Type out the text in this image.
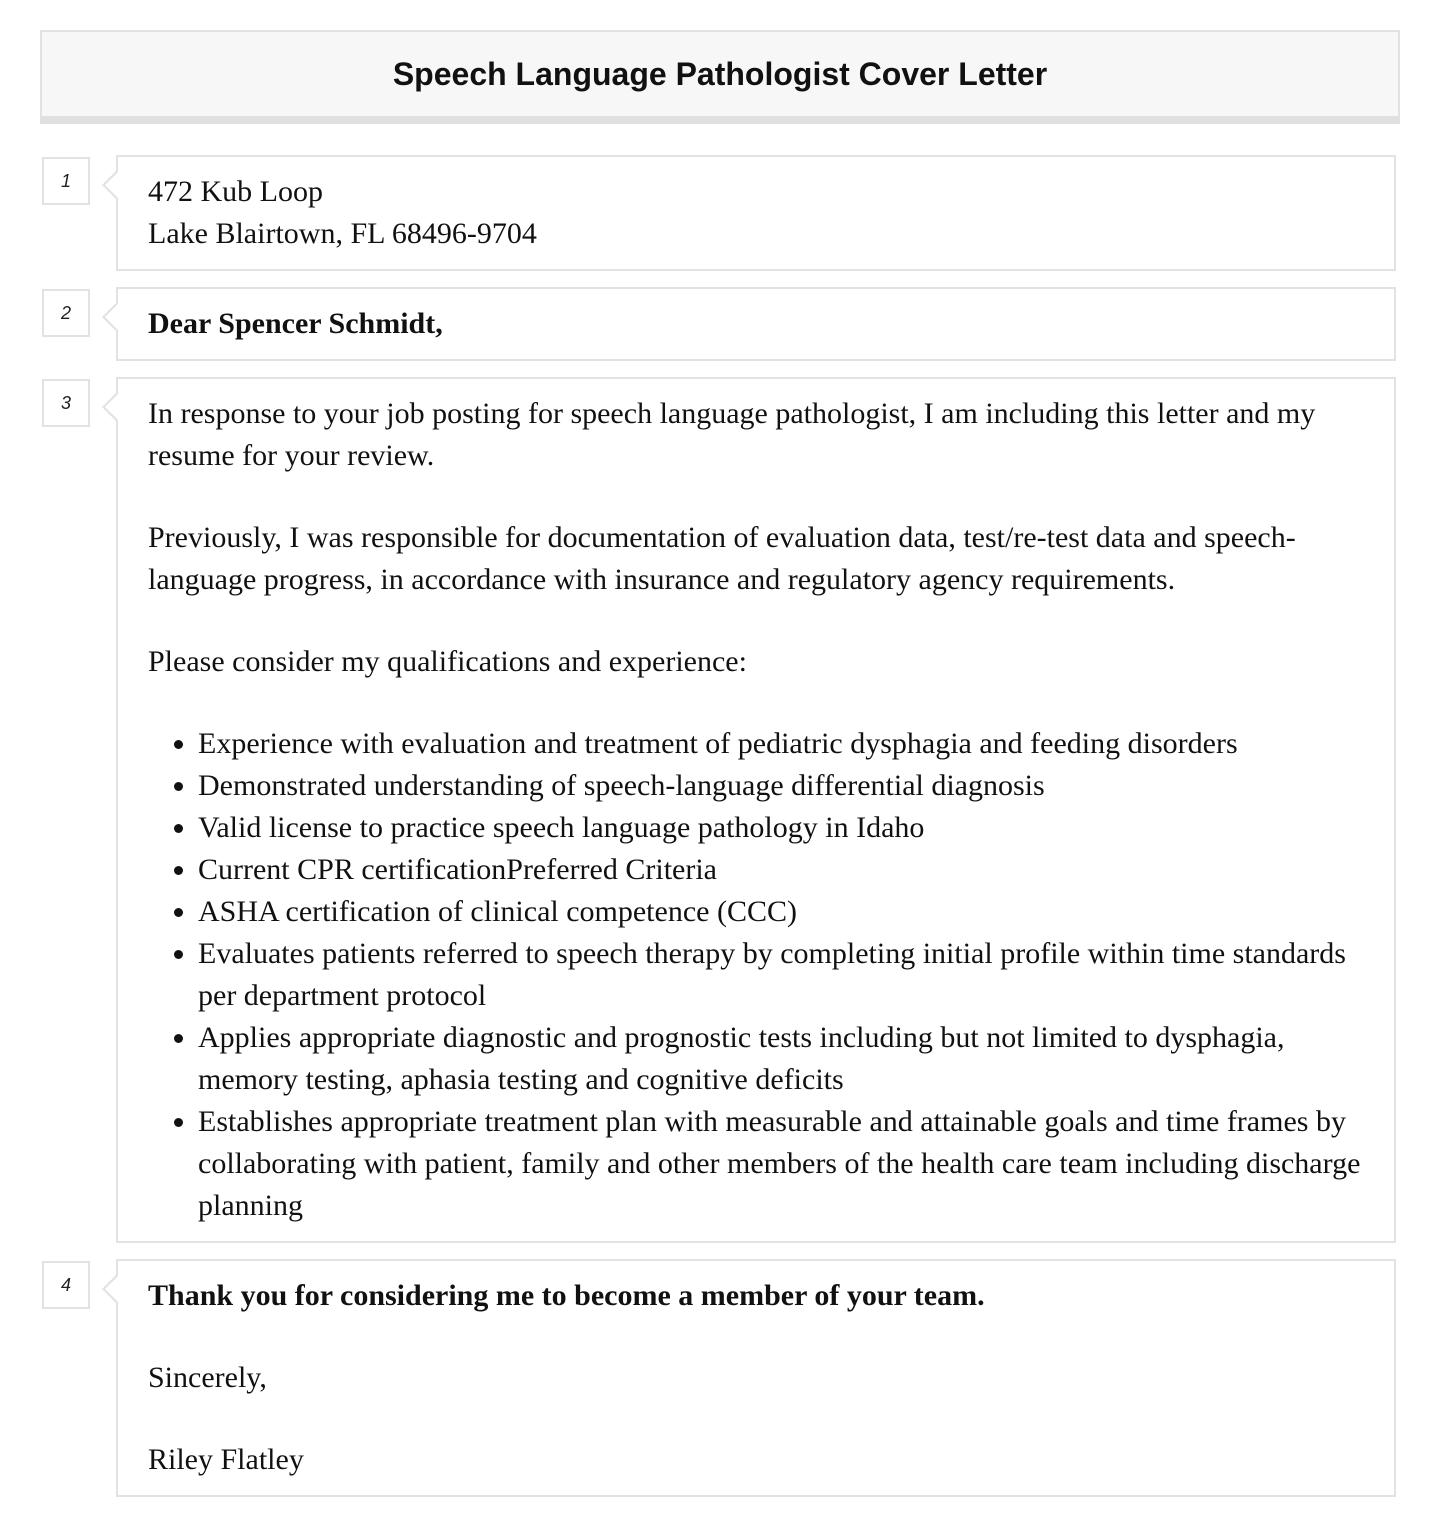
Speech Language Pathologist Cover Letter
1	472 Kub Loop

Lake Blairtown, FL 68496-9704

2	Dear Spencer Schmidt,

3	In response to your job posting for speech language pathologist, I am including this letter and my resume for your review.

Previously, I was responsible for documentation of evaluation data, test/re-test data and speech-language progress, in accordance with insurance and regulatory agency requirements.

Please consider my qualifications and experience:

• Experience with evaluation and treatment of pediatric dysphagia and feeding disorders
• Demonstrated understanding of speech-language differential diagnosis
• Valid license to practice speech language pathology in Idaho
• Current CPR certificationPreferred Criteria
• ASHA certification of clinical competence (CCC)
• Evaluates patients referred to speech therapy by completing initial profile within time standards per department protocol
• Applies appropriate diagnostic and prognostic tests including but not limited to dysphagia, memory testing, aphasia testing and cognitive deficits
• Establishes appropriate treatment plan with measurable and attainable goals and time frames by collaborating with patient, family and other members of the health care team including discharge planning
4	Thank you for considering me to become a member of your team.

Sincerely,

Riley Flatley
